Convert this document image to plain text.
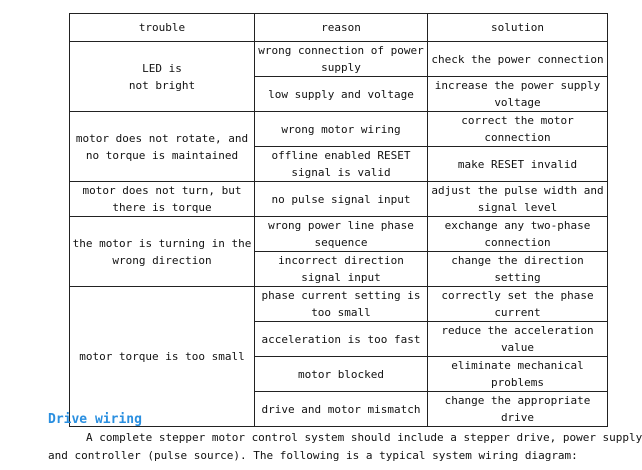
trouble	reason	solution

LED is
not bright	wrong connection of power supply	check the power connection
	low supply and voltage	increase the power supply voltage

motor does not rotate, and no torque is maintained	wrong motor wiring	correct the motor connection
	offline enabled RESET signal is valid	make RESET invalid

motor does not turn, but there is torque	no pulse signal input	adjust the pulse width and signal level

the motor is turning in the wrong direction	wrong power line phase sequence	exchange any two-phase connection
	incorrect direction signal input	change the direction setting

motor torque is too small	phase current setting is too small	correctly set the phase current
	acceleration is too fast	reduce the acceleration value
	motor blocked	eliminate mechanical problems
	drive and motor mismatch	change the appropriate drive
Drive wiring

A complete stepper motor control system should include a stepper drive, power supply
and controller (pulse source). The following is a typical system wiring diagram:
